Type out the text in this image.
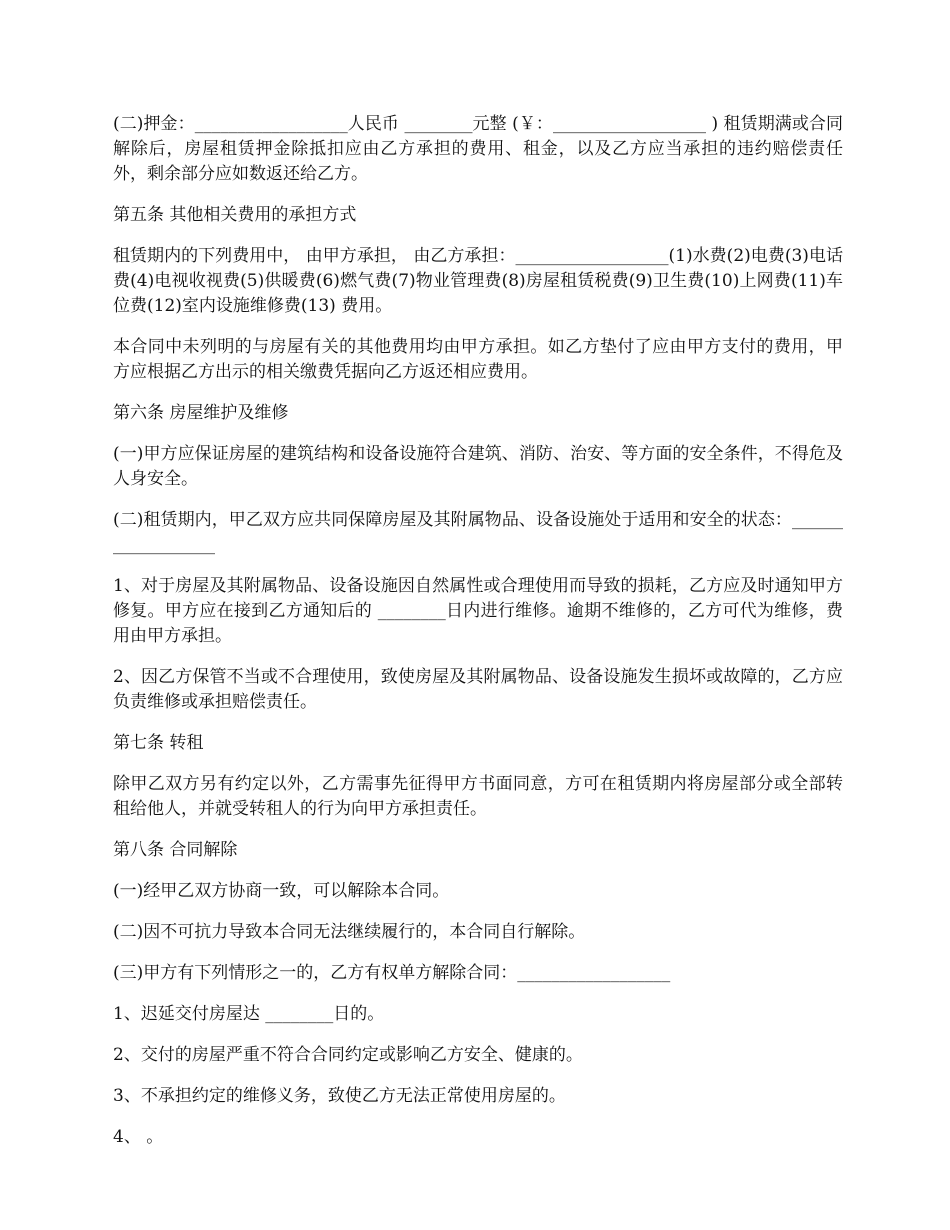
(二)押金：__________________人民币 ________元整 (￥：__________________ ) 租赁期满或合同解除后，房屋租赁押金除抵扣应由乙方承担的费用、租金，以及乙方应当承担的违约赔偿责任外，剩余部分应如数返还给乙方。

第五条 其他相关费用的承担方式

租赁期内的下列费用中， 由甲方承担， 由乙方承担：__________________(1)水费(2)电费(3)电话费(4)电视收视费(5)供暖费(6)燃气费(7)物业管理费(8)房屋租赁税费(9)卫生费(10)上网费(11)车位费(12)室内设施维修费(13) 费用。

本合同中未列明的与房屋有关的其他费用均由甲方承担。如乙方垫付了应由甲方支付的费用，甲方应根据乙方出示的相关缴费凭据向乙方返还相应费用。

第六条 房屋维护及维修

(一)甲方应保证房屋的建筑结构和设备设施符合建筑、消防、治安、等方面的安全条件，不得危及人身安全。

(二)租赁期内，甲乙双方应共同保障房屋及其附属物品、设备设施处于适用和安全的状态：__________________

1、对于房屋及其附属物品、设备设施因自然属性或合理使用而导致的损耗，乙方应及时通知甲方修复。甲方应在接到乙方通知后的 ________日内进行维修。逾期不维修的，乙方可代为维修，费用由甲方承担。

2、因乙方保管不当或不合理使用，致使房屋及其附属物品、设备设施发生损坏或故障的，乙方应负责维修或承担赔偿责任。

第七条 转租

除甲乙双方另有约定以外，乙方需事先征得甲方书面同意，方可在租赁期内将房屋部分或全部转租给他人，并就受转租人的行为向甲方承担责任。

第八条 合同解除

(一)经甲乙双方协商一致，可以解除本合同。

(二)因不可抗力导致本合同无法继续履行的，本合同自行解除。

(三)甲方有下列情形之一的，乙方有权单方解除合同：__________________

1、迟延交付房屋达 ________日的。

2、交付的房屋严重不符合合同约定或影响乙方安全、健康的。

3、不承担约定的维修义务，致使乙方无法正常使用房屋的。

4、 。
